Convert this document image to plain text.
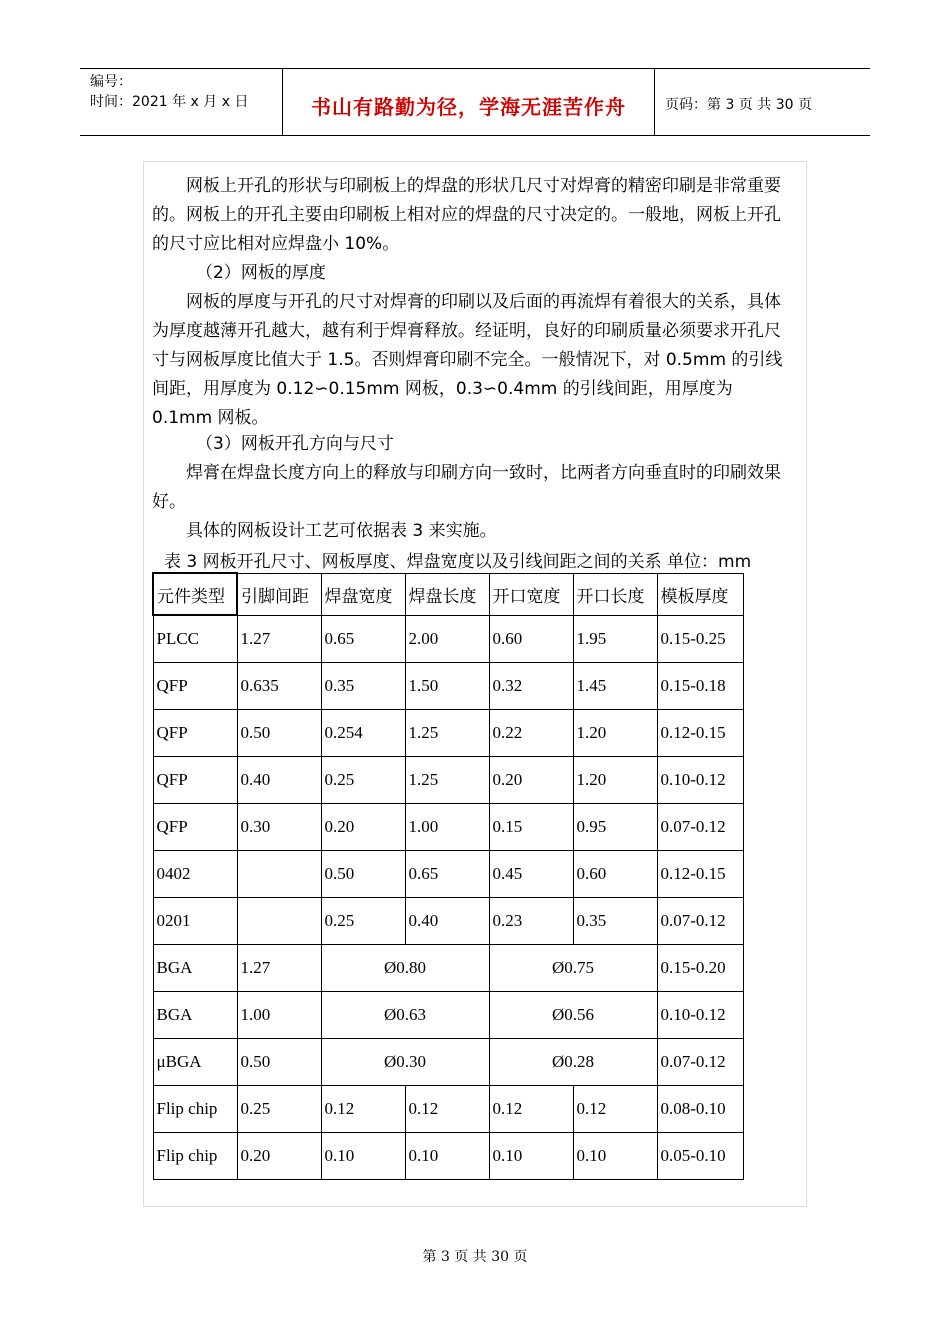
编号：
时间：2021 年 x 月 x 日	书山有路勤为径，学海无涯苦作舟	页码：第 3 页 共 30 页

网板上开孔的形状与印刷板上的焊盘的形状几尺寸对焊膏的精密印刷是非常重要的。网板上的开孔主要由印刷板上相对应的焊盘的尺寸决定的。一般地，网板上开孔的尺寸应比相对应焊盘小 10%。

（2）网板的厚度

网板的厚度与开孔的尺寸对焊膏的印刷以及后面的再流焊有着很大的关系，具体为厚度越薄开孔越大，越有利于焊膏释放。经证明，良好的印刷质量必须要求开孔尺寸与网板厚度比值大于 1.5。否则焊膏印刷不完全。一般情况下，对 0.5mm 的引线间距，用厚度为 0.12∽0.15mm 网板，0.3∽0.4mm 的引线间距，用厚度为 0.1mm 网板。

（3）网板开孔方向与尺寸

焊膏在焊盘长度方向上的释放与印刷方向一致时，比两者方向垂直时的印刷效果好。

具体的网板设计工艺可依据表 3 来实施。

表 3 网板开孔尺寸、网板厚度、焊盘宽度以及引线间距之间的关系 单位：mm
元件类型	引脚间距	焊盘宽度	焊盘长度	开口宽度	开口长度	模板厚度
PLCC	1.27	0.65	2.00	0.60	1.95	0.15-0.25
QFP	0.635	0.35	1.50	0.32	1.45	0.15-0.18
QFP	0.50	0.254	1.25	0.22	1.20	0.12-0.15
QFP	0.40	0.25	1.25	0.20	1.20	0.10-0.12
QFP	0.30	0.20	1.00	0.15	0.95	0.07-0.12
0402		0.50	0.65	0.45	0.60	0.12-0.15
0201		0.25	0.40	0.23	0.35	0.07-0.12
BGA	1.27	Ø0.80		Ø0.75		0.15-0.20
BGA	1.00	Ø0.63		Ø0.56		0.10-0.12
μBGA	0.50	Ø0.30		Ø0.28		0.07-0.12
Flip chip	0.25	0.12	0.12	0.12	0.12	0.08-0.10
Flip chip	0.20	0.10	0.10	0.10	0.10	0.05-0.10
第 3 页 共 30 页
